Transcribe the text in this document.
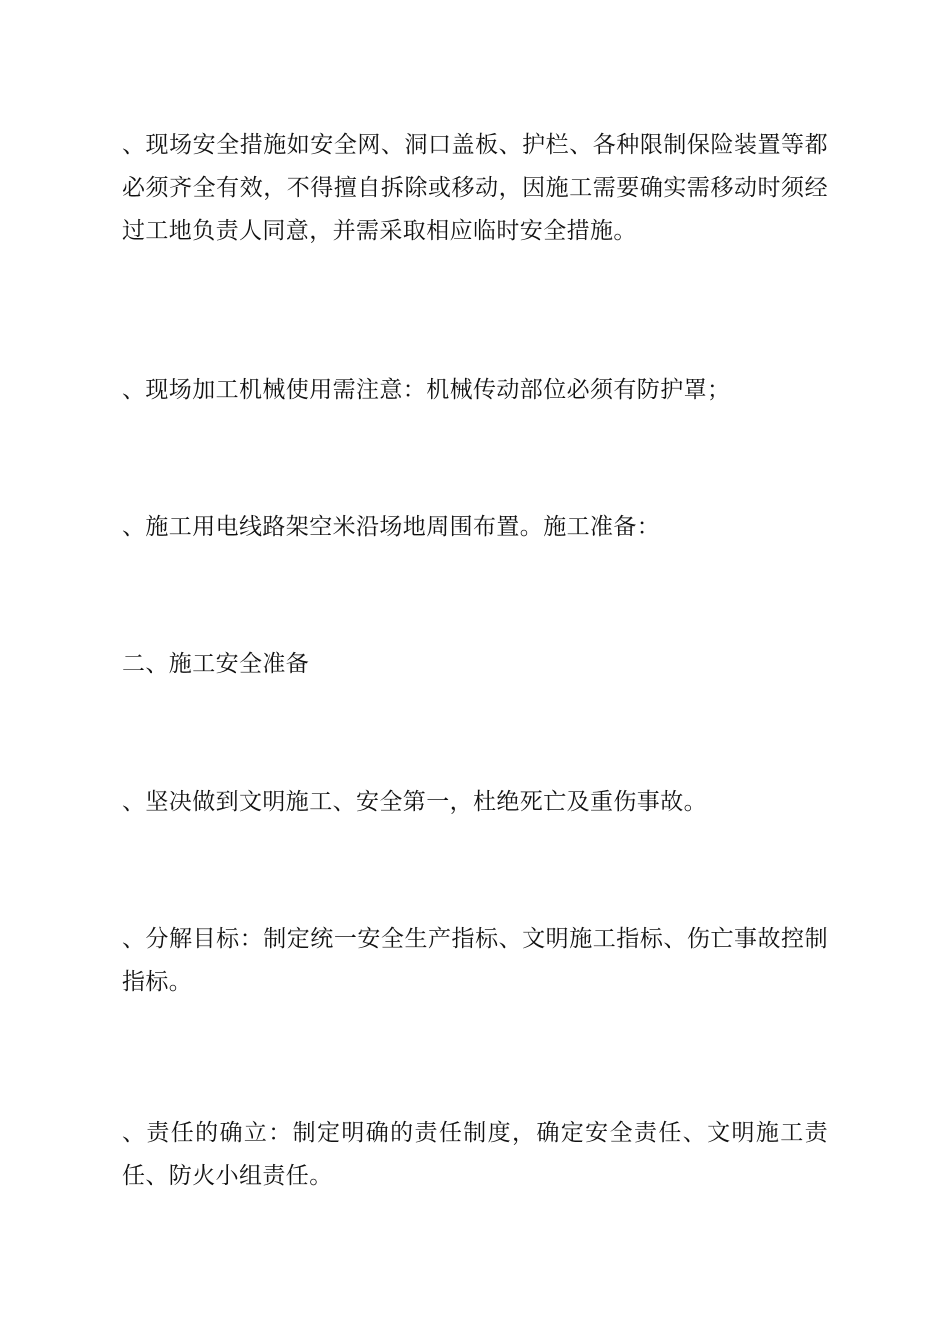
、现场安全措施如安全网、洞口盖板、护栏、各种限制保险装置等都必须齐全有效，不得擅自拆除或移动，因施工需要确实需移动时须经过工地负责人同意，并需采取相应临时安全措施。

、现场加工机械使用需注意：机械传动部位必须有防护罩；

、施工用电线路架空米沿场地周围布置。施工准备：

二、施工安全准备

、坚决做到文明施工、安全第一，杜绝死亡及重伤事故。

、分解目标：制定统一安全生产指标、文明施工指标、伤亡事故控制指标。

、责任的确立：制定明确的责任制度，确定安全责任、文明施工责任、防火小组责任。
